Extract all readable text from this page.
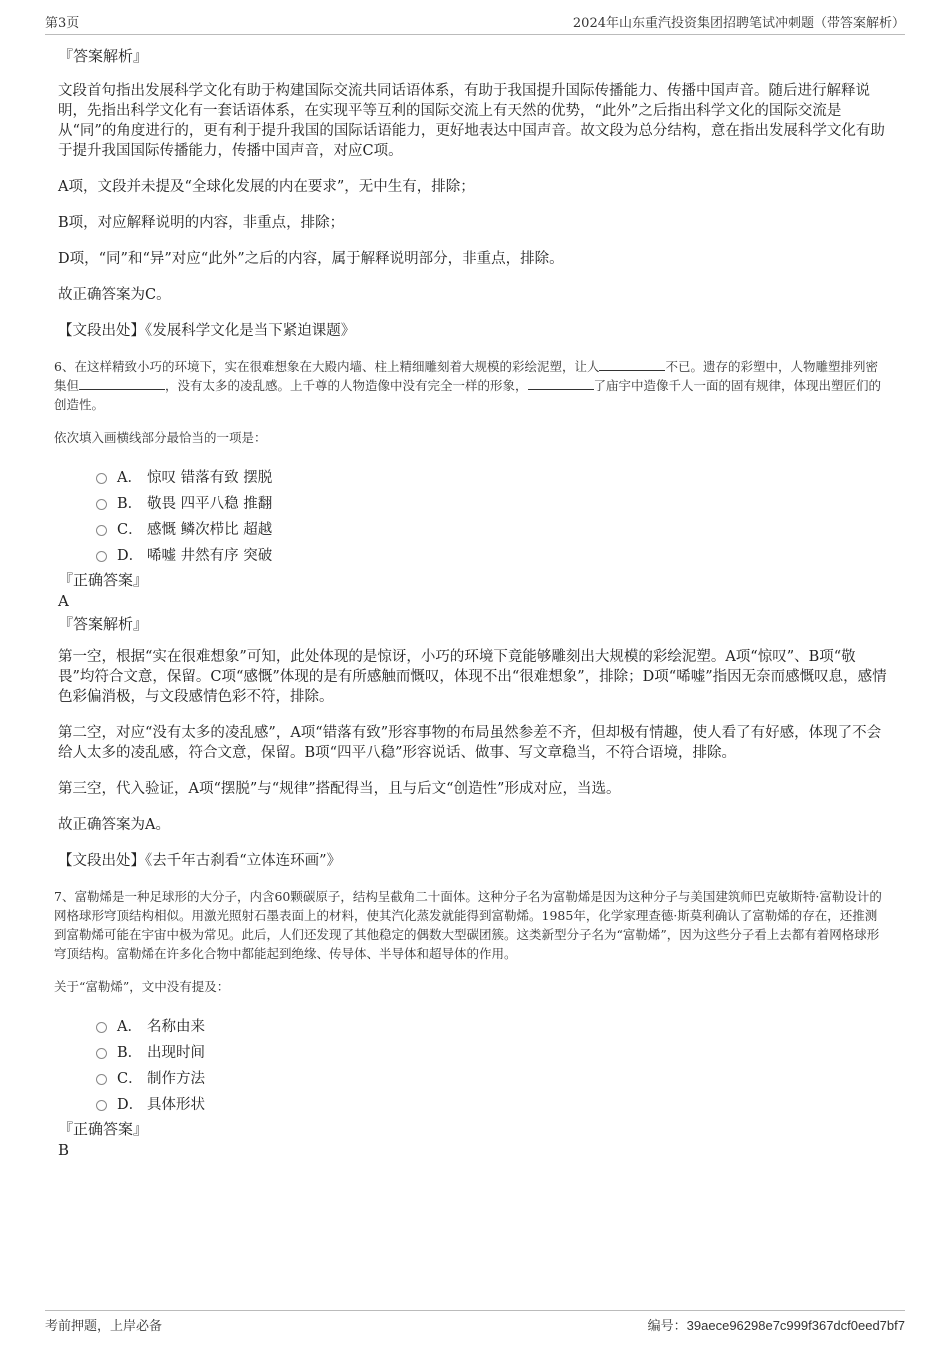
第3页	2024年山东重汽投资集团招聘笔试冲刺题（带答案解析）

『答案解析』

文段首句指出发展科学文化有助于构建国际交流共同话语体系，有助于我国提升国际传播能力、传播中国声音。随后进行解释说明，先指出科学文化有一套话语体系，在实现平等互利的国际交流上有天然的优势，“此外”之后指出科学文化的国际交流是从“同”的角度进行的，更有利于提升我国的国际话语能力，更好地表达中国声音。故文段为总分结构，意在指出发展科学文化有助于提升我国国际传播能力，传播中国声音，对应C项。

A项，文段并未提及“全球化发展的内在要求”，无中生有，排除；

B项，对应解释说明的内容，非重点，排除；

D项，“同”和“异”对应“此外”之后的内容，属于解释说明部分，非重点，排除。

故正确答案为C。

【文段出处】《发展科学文化是当下紧迫课题》

6、在这样精致小巧的环境下，实在很难想象在大殿内墙、柱上精细雕刻着大规模的彩绘泥塑，让人	不已。遗存的彩塑中，人物雕塑排列密集但	，没有太多的凌乱感。上千尊的人物造像中没有完全一样的形象，	了庙宇中造像千人一面的固有规律，体现出塑匠们的创造性。

依次填入画横线部分最恰当的一项是：

A． 惊叹 错落有致 摆脱
B． 敬畏 四平八稳 推翻
C． 感慨 鳞次栉比 超越
D． 唏嘘 井然有序 突破

『正确答案』

A

『答案解析』

第一空，根据“实在很难想象”可知，此处体现的是惊讶，小巧的环境下竟能够雕刻出大规模的彩绘泥塑。A项“惊叹”、B项“敬畏”均符合文意，保留。C项“感慨”体现的是有所感触而慨叹，体现不出“很难想象”，排除；D项“唏嘘”指因无奈而感慨叹息，感情色彩偏消极，与文段感情色彩不符，排除。

第二空，对应“没有太多的凌乱感”，A项“错落有致”形容事物的布局虽然参差不齐，但却极有情趣，使人看了有好感，体现了不会给人太多的凌乱感，符合文意，保留。B项“四平八稳”形容说话、做事、写文章稳当，不符合语境，排除。

第三空，代入验证，A项“摆脱”与“规律”搭配得当，且与后文“创造性”形成对应，当选。

故正确答案为A。

【文段出处】《去千年古刹看“立体连环画”》

7、富勒烯是一种足球形的大分子，内含60颗碳原子，结构呈截角二十面体。这种分子名为富勒烯是因为这种分子与美国建筑师巴克敏斯特·富勒设计的网格球形穹顶结构相似。用激光照射石墨表面上的材料，使其汽化蒸发就能得到富勒烯。1985年，化学家理查德·斯莫利确认了富勒烯的存在，还推测到富勒烯可能在宇宙中极为常见。此后，人们还发现了其他稳定的偶数大型碳团簇。这类新型分子名为“富勒烯”，因为这些分子看上去都有着网格球形穹顶结构。富勒烯在许多化合物中都能起到绝缘、传导体、半导体和超导体的作用。

关于“富勒烯”，文中没有提及：

A． 名称由来
B． 出现时间
C． 制作方法
D． 具体形状

『正确答案』

B

考前押题，上岸必备	编号：39aece96298e7c999f367dcf0eed7bf7
